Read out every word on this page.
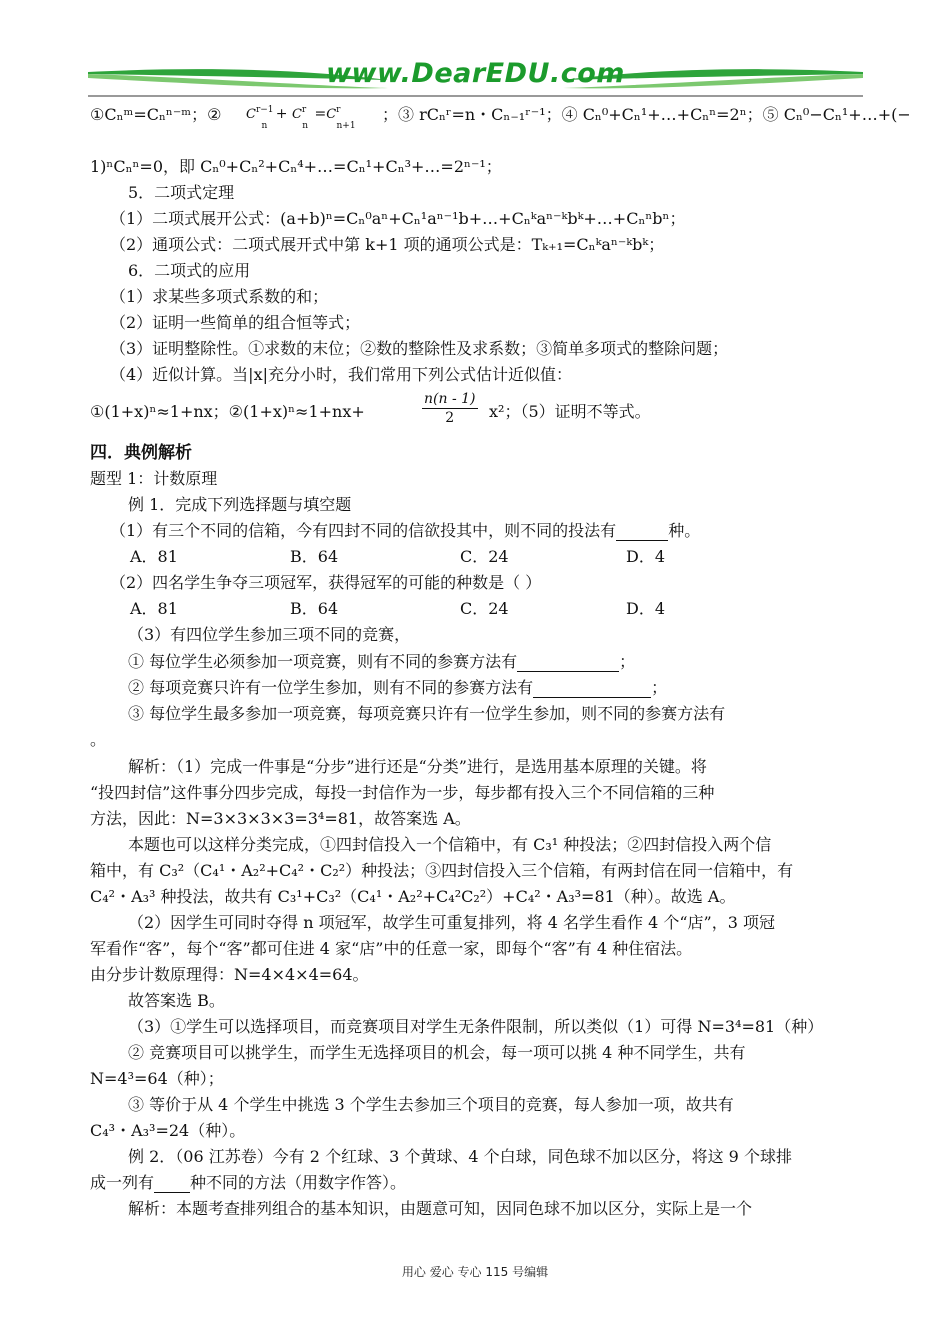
www.DearEDU.com
①Cₙᵐ=Cₙⁿ⁻ᵐ；② $C^{r-1}_n + C^r_n =C^r_{n+1}$
；③ rCₙʳ=n・Cₙ₋₁ʳ⁻¹；④ Cₙ⁰+Cₙ¹+…+Cₙⁿ=2ⁿ；⑤ Cₙ⁰−Cₙ¹+…+(−
1)ⁿCₙⁿ=0，即 Cₙ⁰+Cₙ²+Cₙ⁴+…=Cₙ¹+Cₙ³+…=2ⁿ⁻¹；
5．二项式定理
（1）二项式展开公式：(a+b)ⁿ=Cₙ⁰aⁿ+Cₙ¹aⁿ⁻¹b+…+Cₙᵏaⁿ⁻ᵏbᵏ+…+Cₙⁿbⁿ；
（2）通项公式：二项式展开式中第 k+1 项的通项公式是：Tₖ₊₁=Cₙᵏaⁿ⁻ᵏbᵏ；
6．二项式的应用
（1）求某些多项式系数的和；
（2）证明一些简单的组合恒等式；
（3）证明整除性。①求数的末位；②数的整除性及求系数；③简单多项式的整除问题；
（4）近似计算。当|x|充分小时，我们常用下列公式估计近似值：
①(1+x)ⁿ≈1+nx；②(1+x)ⁿ≈1+nx+	$\frac{n(n - 1)}{2} x^2$；（5）证明不等式。
四．典例解析
题型 1：计数原理
例 1．完成下列选择题与填空题
（1）有三个不同的信箱，今有四封不同的信欲投其中，则不同的投法有	种。
A．81	B．64	C．24	D．4
（2）四名学生争夺三项冠军，获得冠军的可能的种数是（ ）
A．81	B．64	C．24	D．4
（3）有四位学生参加三项不同的竞赛，
① 每位学生必须参加一项竞赛，则有不同的参赛方法有	；
② 每项竞赛只许有一位学生参加，则有不同的参赛方法有	；
③ 每位学生最多参加一项竞赛，每项竞赛只许有一位学生参加，则不同的参赛方法有
。
解析：（1）完成一件事是“分步”进行还是“分类”进行，是选用基本原理的关键。将
“投四封信”这件事分四步完成，每投一封信作为一步，每步都有投入三个不同信箱的三种
方法，因此：N=3×3×3×3=3⁴=81，故答案选 A。
本题也可以这样分类完成，①四封信投入一个信箱中，有 C₃¹ 种投法；②四封信投入两个信
箱中，有 C₃²（C₄¹・A₂²+C₄²・C₂²）种投法；③四封信投入三个信箱，有两封信在同一信箱中，有
C₄²・A₃³ 种投法，故共有 C₃¹+C₃²（C₄¹・A₂²+C₄²C₂²）+C₄²・A₃³=81（种）。故选 A。
（2）因学生可同时夺得 n 项冠军，故学生可重复排列，将 4 名学生看作 4 个“店”，3 项冠
军看作“客”，每个“客”都可住进 4 家“店”中的任意一家，即每个“客”有 4 种住宿法。
由分步计数原理得：N=4×4×4=64。
故答案选 B。
（3）①学生可以选择项目，而竞赛项目对学生无条件限制，所以类似（1）可得 N=3⁴=81（种）
② 竞赛项目可以挑学生，而学生无选择项目的机会，每一项可以挑 4 种不同学生，共有
N=4³=64（种）；
③ 等价于从 4 个学生中挑选 3 个学生去参加三个项目的竞赛，每人参加一项，故共有
C₄³・A₃³=24（种）。
例 2．（06 江苏卷）今有 2 个红球、3 个黄球、4 个白球，同色球不加以区分，将这 9 个球排
成一列有 种不同的方法（用数字作答）。
解析：本题考查排列组合的基本知识，由题意可知，因同色球不加以区分，实际上是一个
用心 爱心 专心 115 号编辑
